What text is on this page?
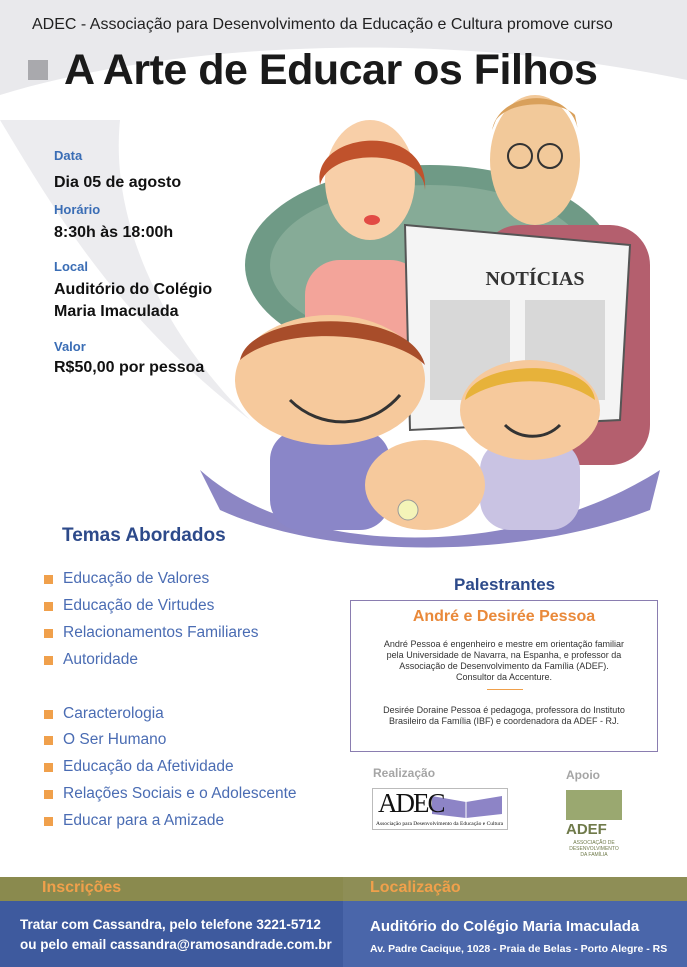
ADEC - Associação para Desenvolvimento da Educação e Cultura promove curso
A Arte de Educar os Filhos
Data
Dia 05 de agosto
Horário
8:30h às 18:00h
Local
Auditório do Colégio
Maria Imaculada
Valor
R$50,00 por pessoa
NOTÍCIAS
Temas Abordados
Educação de Valores
Educação de Virtudes
Relacionamentos Familiares
Autoridade
Caracterologia
O Ser Humano
Educação da Afetividade
Relações Sociais e o Adolescente
Educar para a Amizade
Palestrantes
André e Desirée Pessoa
André Pessoa é engenheiro e mestre em orientação familiar
pela Universidade de Navarra, na Espanha, e professor da
Associação de Desenvolvimento da Família (ADEF).
Consultor da Accenture.
Desirée Doraine Pessoa é pedagoga, professora do Instituto
Brasileiro da Família (IBF) e coordenadora da ADEF - RJ.
Realização
ADEC
Associação para Desenvolvimento da Educação e Cultura
Apoio
ADEF
ASSOCIAÇÃO DE
DESENVOLVIMENTO
DA FAMÍLIA
Inscrições	Localização
Tratar com Cassandra, pelo telefone 3221-5712
ou pelo email cassandra@ramosandrade.com.br
Auditório do Colégio Maria Imaculada
Av. Padre Cacique, 1028 - Praia de Belas - Porto Alegre - RS
